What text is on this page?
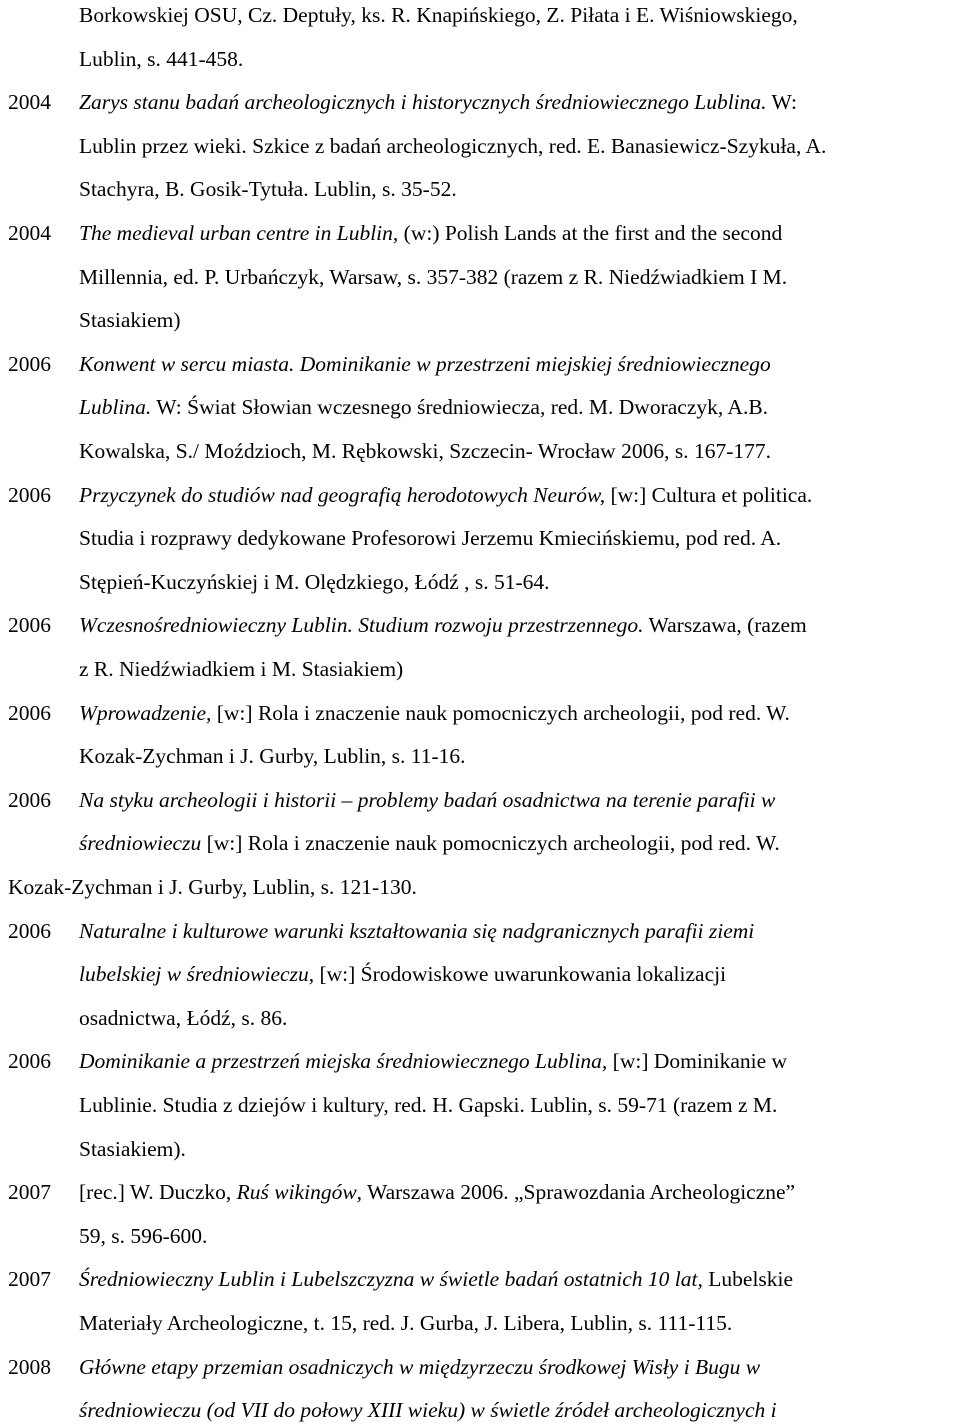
Borkowskiej OSU, Cz. Deptuły, ks. R. Knapińskiego, Z. Piłata i E. Wiśniowskiego,
Lublin, s. 441-458.
2004 Zarys stanu badań archeologicznych i historycznych średniowiecznego Lublina. W:
Lublin przez wieki. Szkice z badań archeologicznych, red. E. Banasiewicz-Szykuła, A.
Stachyra, B. Gosik-Tytuła. Lublin, s. 35-52.
2004 The medieval urban centre in Lublin, (w:) Polish Lands at the first and the second
Millennia, ed. P. Urbańczyk, Warsaw, s. 357-382 (razem z R. Niedźwiadkiem I M.
Stasiakiem)
2006 Konwent w sercu miasta. Dominikanie w przestrzeni miejskiej średniowiecznego
Lublina. W: Świat Słowian wczesnego średniowiecza, red. M. Dworaczyk, A.B.
Kowalska, S./ Moździoch, M. Rębkowski, Szczecin- Wrocław 2006, s. 167-177.
2006 Przyczynek do studiów nad geografią herodotowych Neurów, [w:] Cultura et politica.
Studia i rozprawy dedykowane Profesorowi Jerzemu Kmiecińskiemu, pod red. A.
Stępień-Kuczyńskiej i M. Olędzkiego, Łódź , s. 51-64.
2006 Wczesnośredniowieczny Lublin. Studium rozwoju przestrzennego. Warszawa, (razem
z R. Niedźwiadkiem i M. Stasiakiem)
2006 Wprowadzenie, [w:] Rola i znaczenie nauk pomocniczych archeologii, pod red. W.
Kozak-Zychman i J. Gurby, Lublin, s. 11-16.
2006 Na styku archeologii i historii – problemy badań osadnictwa na terenie parafii w
średniowieczu [w:] Rola i znaczenie nauk pomocniczych archeologii, pod red. W.
Kozak-Zychman i J. Gurby, Lublin, s. 121-130.
2006 Naturalne i kulturowe warunki kształtowania się nadgranicznych parafii ziemi
lubelskiej w średniowieczu, [w:] Środowiskowe uwarunkowania lokalizacji
osadnictwa, Łódź, s. 86.
2006 Dominikanie a przestrzeń miejska średniowiecznego Lublina, [w:] Dominikanie w
Lublinie. Studia z dziejów i kultury, red. H. Gapski. Lublin, s. 59-71 (razem z M.
Stasiakiem).
2007 [rec.] W. Duczko, Ruś wikingów, Warszawa 2006. „Sprawozdania Archeologiczne”
59, s. 596-600.
2007 Średniowieczny Lublin i Lubelszczyzna w świetle badań ostatnich 10 lat, Lubelskie
Materiały Archeologiczne, t. 15, red. J. Gurba, J. Libera, Lublin, s. 111-115.
2008 Główne etapy przemian osadniczych w międzyrzeczu środkowej Wisły i Bugu w
średniowieczu (od VII do połowy XIII wieku) w świetle źródeł archeologicznych i
